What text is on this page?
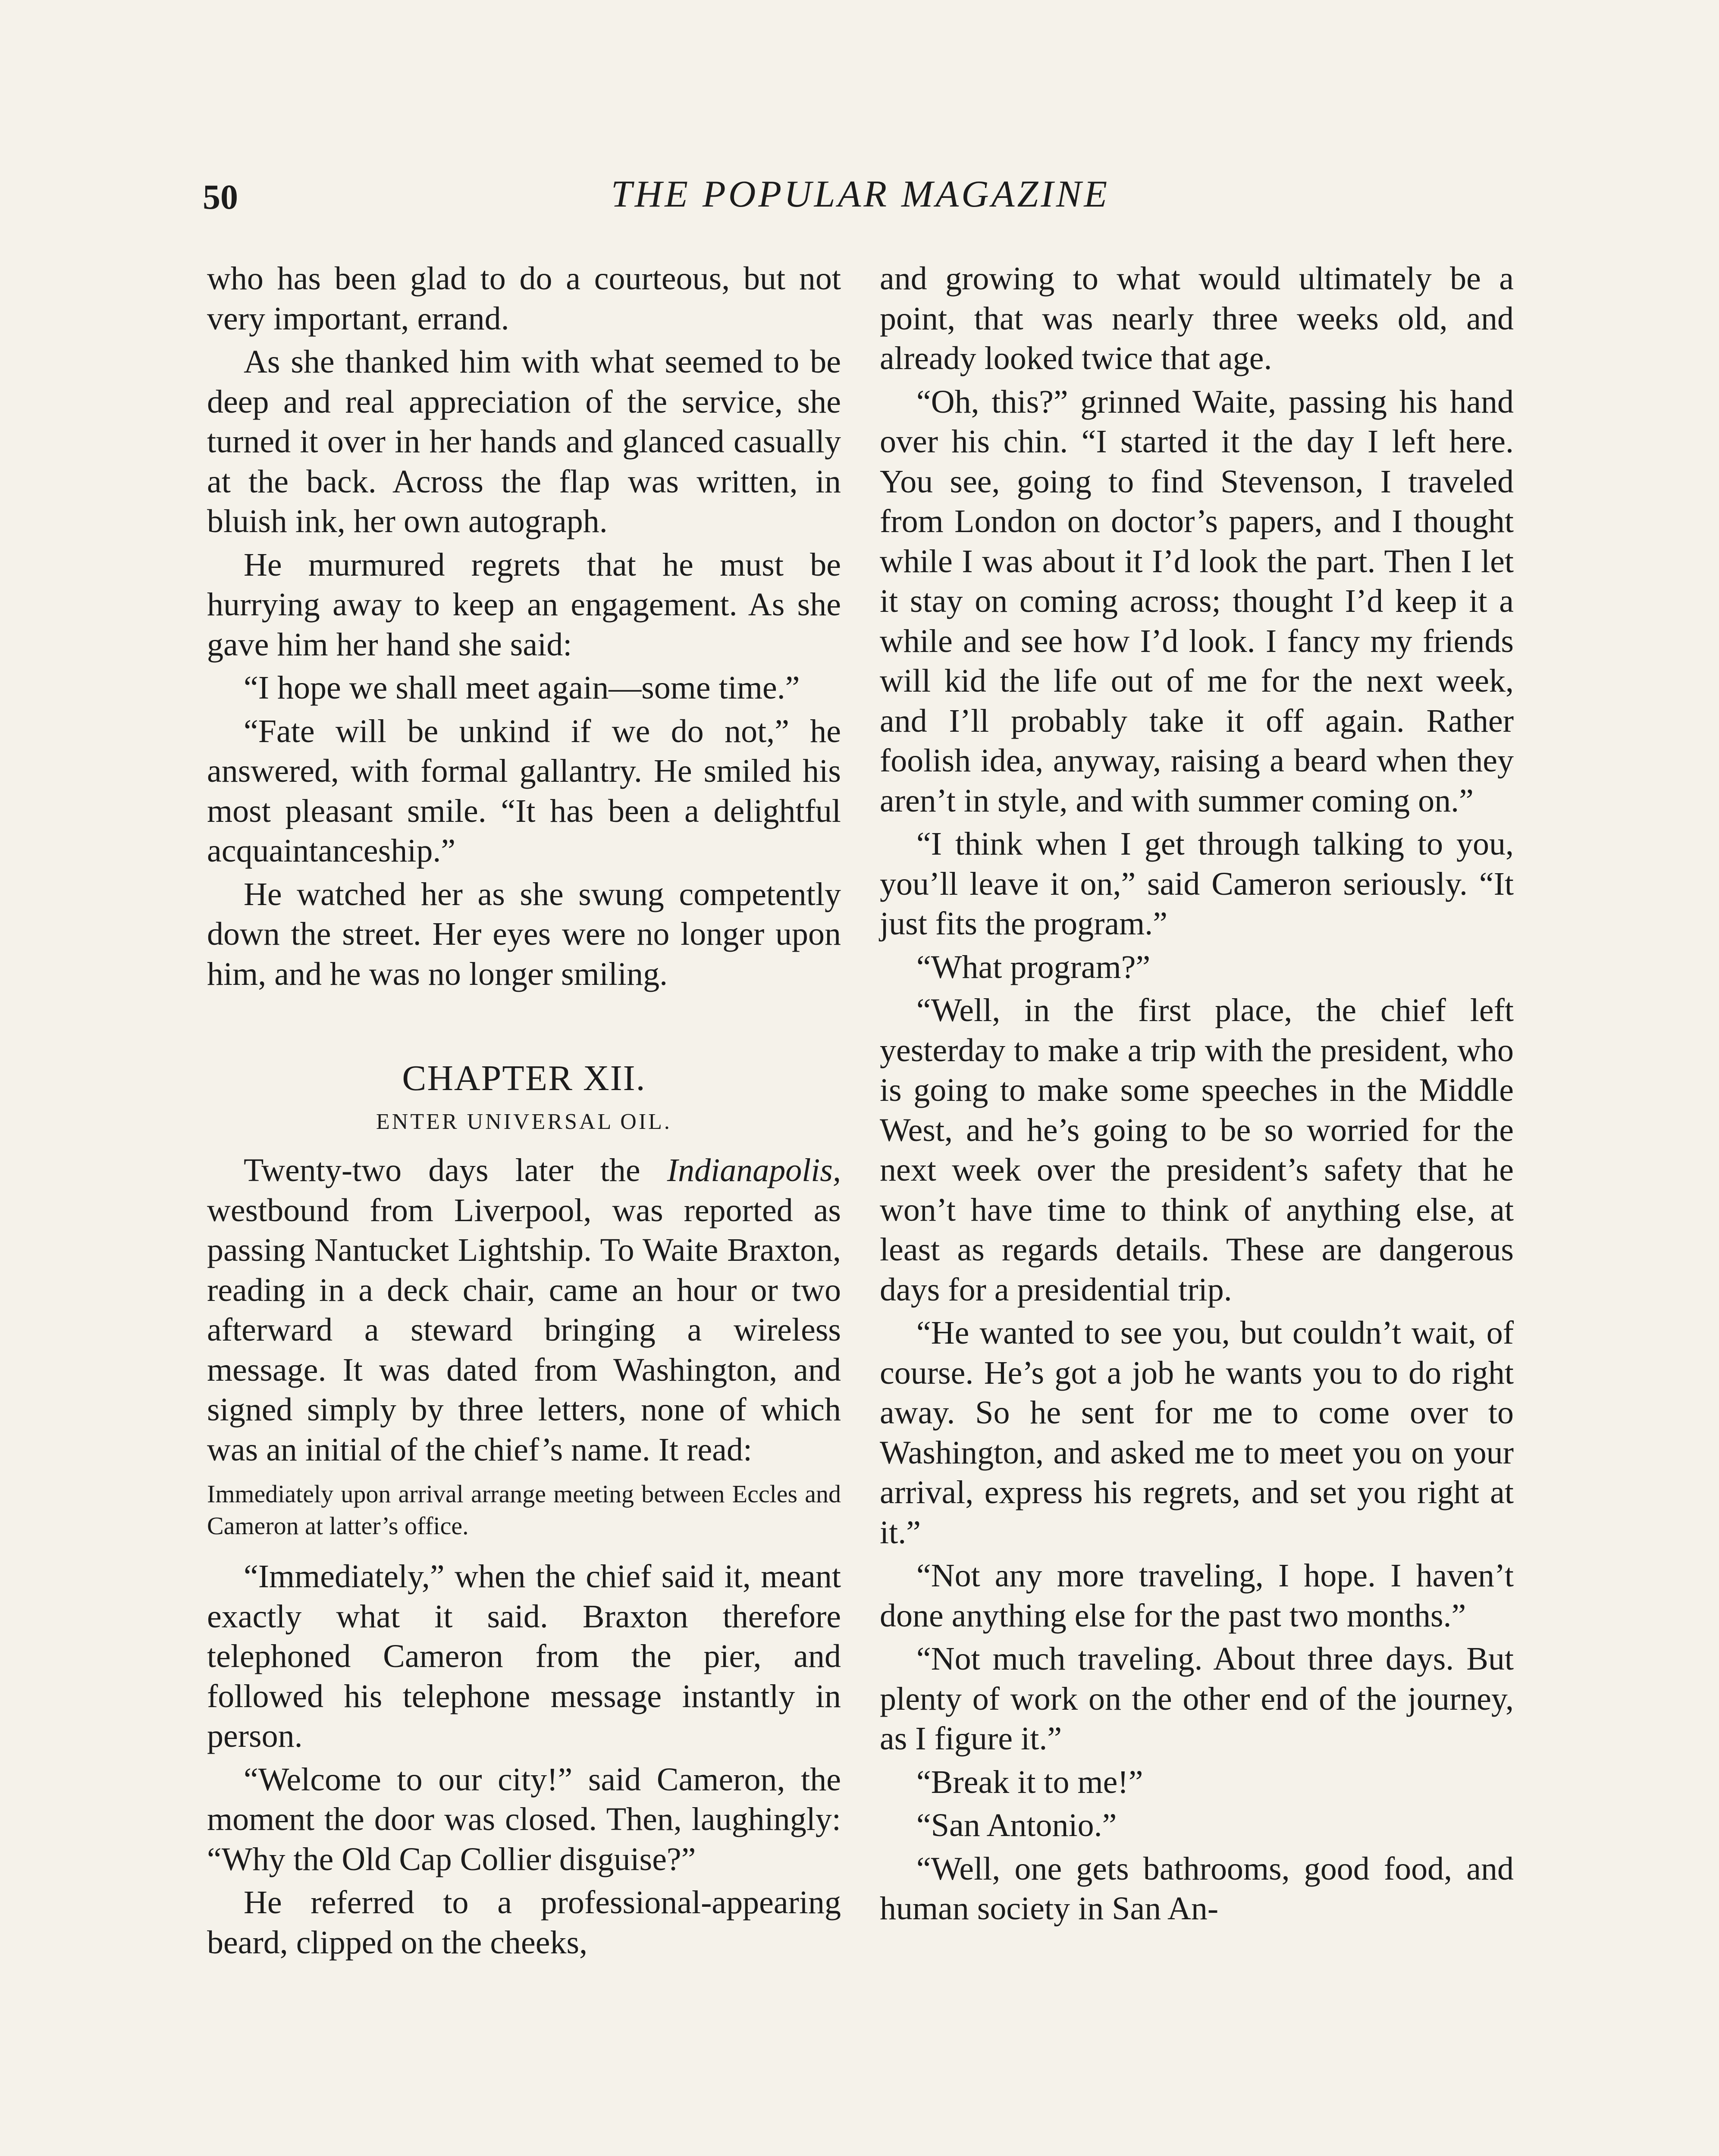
50	THE POPULAR MAGAZINE

who has been glad to do a courteous, but not very important, errand.

As she thanked him with what seemed to be deep and real appreciation of the service, she turned it over in her hands and glanced casually at the back. Across the flap was written, in bluish ink, her own autograph.

He murmured regrets that he must be hurrying away to keep an engagement. As she gave him her hand she said:

“I hope we shall meet again—some time.”

“Fate will be unkind if we do not,” he answered, with formal gallantry. He smiled his most pleasant smile. “It has been a delightful acquaintanceship.”

He watched her as she swung competently down the street. Her eyes were no longer upon him, and he was no longer smiling.

CHAPTER XII.
ENTER UNIVERSAL OIL.

Twenty-two days later the Indianapolis, westbound from Liverpool, was reported as passing Nantucket Lightship. To Waite Braxton, reading in a deck chair, came an hour or two afterward a steward bringing a wireless message. It was dated from Washington, and signed simply by three letters, none of which was an initial of the chief’s name. It read:

Immediately upon arrival arrange meeting between Eccles and Cameron at latter’s office.

“Immediately,” when the chief said it, meant exactly what it said. Braxton therefore telephoned Cameron from the pier, and followed his telephone message instantly in person.

“Welcome to our city!” said Cameron, the moment the door was closed. Then, laughingly: “Why the Old Cap Collier disguise?”

He referred to a professional-appearing beard, clipped on the cheeks,

and growing to what would ultimately be a point, that was nearly three weeks old, and already looked twice that age.

“Oh, this?” grinned Waite, passing his hand over his chin. “I started it the day I left here. You see, going to find Stevenson, I traveled from London on doctor’s papers, and I thought while I was about it I’d look the part. Then I let it stay on coming across; thought I’d keep it a while and see how I’d look. I fancy my friends will kid the life out of me for the next week, and I’ll probably take it off again. Rather foolish idea, anyway, raising a beard when they aren’t in style, and with summer coming on.”

“I think when I get through talking to you, you’ll leave it on,” said Cameron seriously. “It just fits the program.”

“What program?”

“Well, in the first place, the chief left yesterday to make a trip with the president, who is going to make some speeches in the Middle West, and he’s going to be so worried for the next week over the president’s safety that he won’t have time to think of anything else, at least as regards details. These are dangerous days for a presidential trip.

“He wanted to see you, but couldn’t wait, of course. He’s got a job he wants you to do right away. So he sent for me to come over to Washington, and asked me to meet you on your arrival, express his regrets, and set you right at it.”

“Not any more traveling, I hope. I haven’t done anything else for the past two months.”

“Not much traveling. About three days. But plenty of work on the other end of the journey, as I figure it.”

“Break it to me!”

“San Antonio.”

“Well, one gets bathrooms, good food, and human society in San An-
